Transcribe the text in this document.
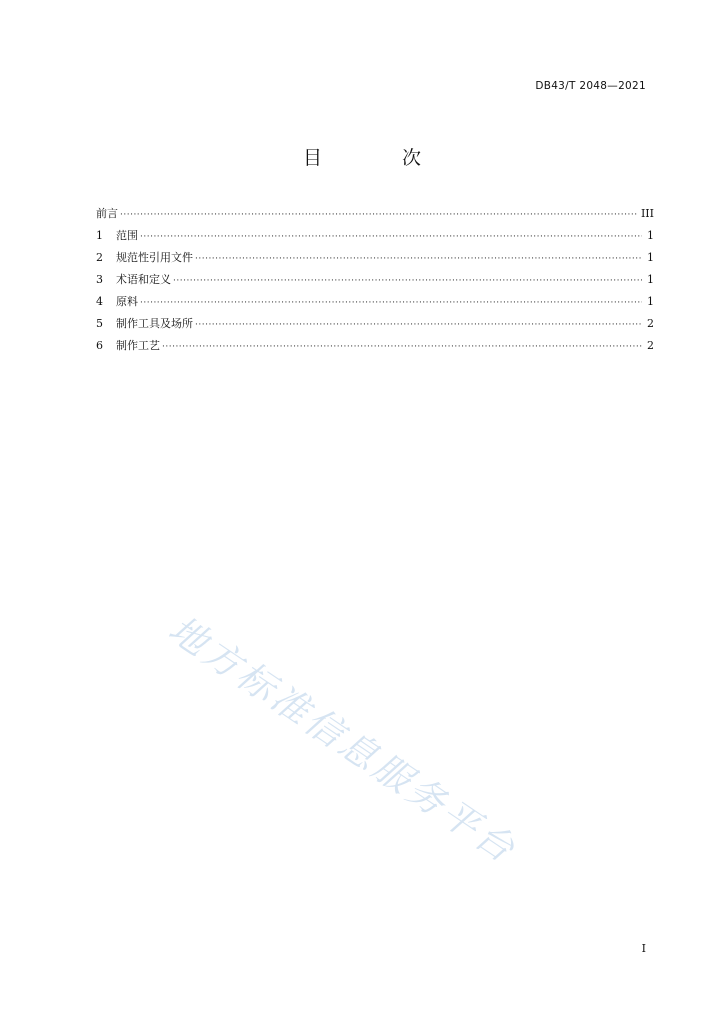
DB43/T 2048—2021
目 次
前言 ·····	III
1	范围 ·····	1
2	规范性引用文件 ·····	1
3	术语和定义 ·····	1
4	原料 ·····	1
5	制作工具及场所 ·····	2
6	制作工艺 ·····	2
地方标准信息服务平台
I
